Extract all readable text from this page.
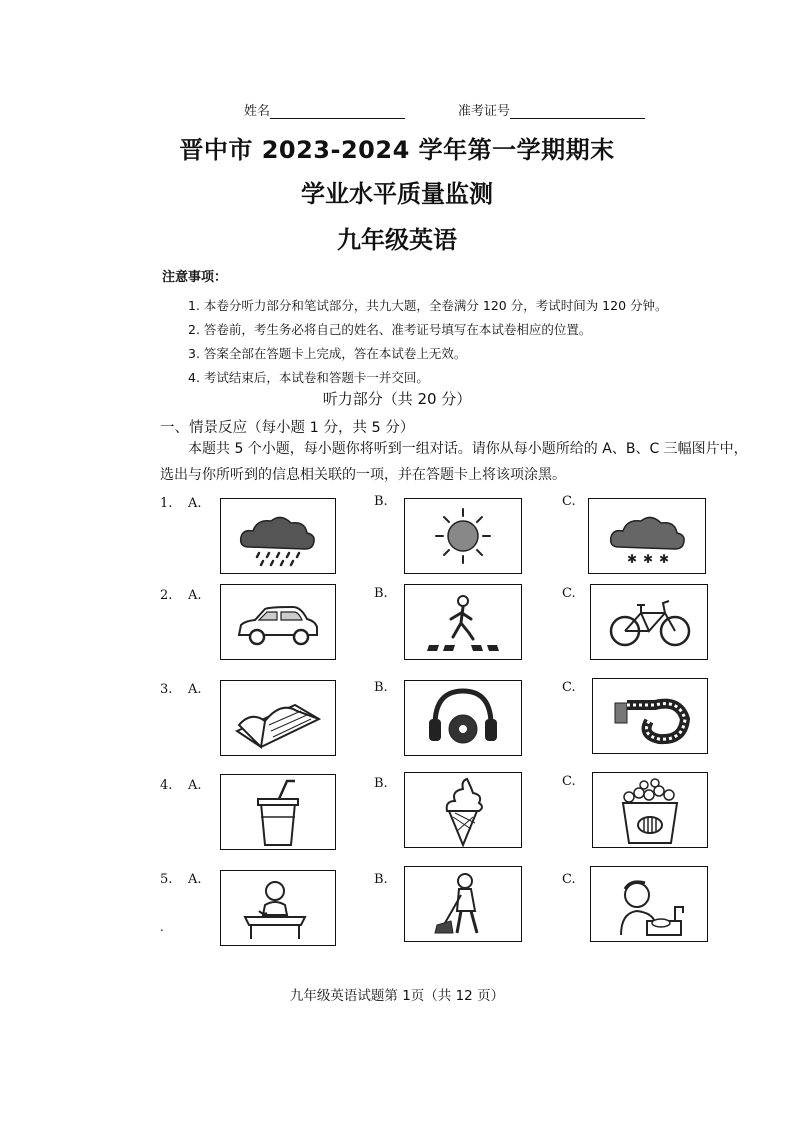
姓名	准考证号
晋中市 2023-2024 学年第一学期期末
学业水平质量监测
九年级英语
注意事项：
1. 本卷分听力部分和笔试部分，共九大题，全卷满分 120 分，考试时间为 120 分钟。
2. 答卷前，考生务必将自己的姓名、准考证号填写在本试卷相应的位置。
3. 答案全部在答题卡上完成，答在本试卷上无效。
4. 考试结束后，本试卷和答题卡一并交回。
听力部分（共 20 分）
一、情景反应（每小题 1 分，共 5 分）
本题共 5 个小题，每小题你将听到一组对话。请你从每小题所给的 A、B、C 三幅图片中，选出与你所听到的信息相关联的一项，并在答题卡上将该项涂黑。
1. A.	B.	C.
✱ ✱ ✱
2. A.	B.	C.
3. A.	B.	C.
4. A.	B.	C.
5. A.	B.	C.
.
九年级英语试题第 1页（共 12 页）
